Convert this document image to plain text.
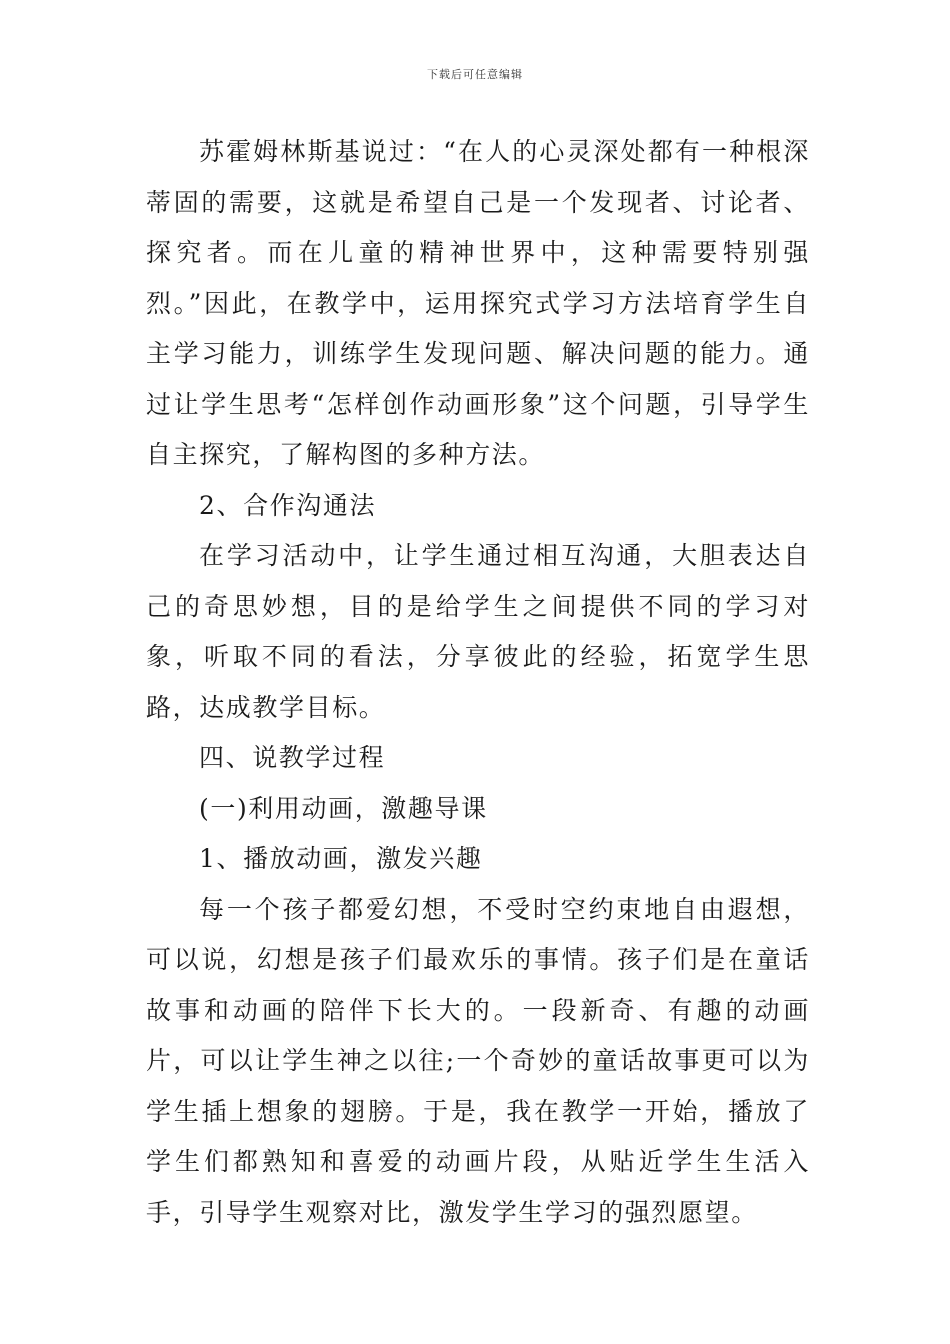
下载后可任意编辑

苏霍姆林斯基说过：“在人的心灵深处都有一种根深蒂固的需要，这就是希望自己是一个发现者、讨论者、探究者。而在儿童的精神世界中，这种需要特别强烈。”因此，在教学中，运用探究式学习方法培育学生自主学习能力，训练学生发现问题、解决问题的能力。通过让学生思考“怎样创作动画形象”这个问题，引导学生自主探究，了解构图的多种方法。

2、合作沟通法

在学习活动中，让学生通过相互沟通，大胆表达自己的奇思妙想，目的是给学生之间提供不同的学习对象，听取不同的看法，分享彼此的经验，拓宽学生思路，达成教学目标。

四、说教学过程

(一)利用动画，激趣导课

1、播放动画，激发兴趣

每一个孩子都爱幻想，不受时空约束地自由遐想，可以说，幻想是孩子们最欢乐的事情。孩子们是在童话故事和动画的陪伴下长大的。一段新奇、有趣的动画片，可以让学生神之以往;一个奇妙的童话故事更可以为学生插上想象的翅膀。于是，我在教学一开始，播放了学生们都熟知和喜爱的动画片段，从贴近学生生活入手，引导学生观察对比，激发学生学习的强烈愿望。
